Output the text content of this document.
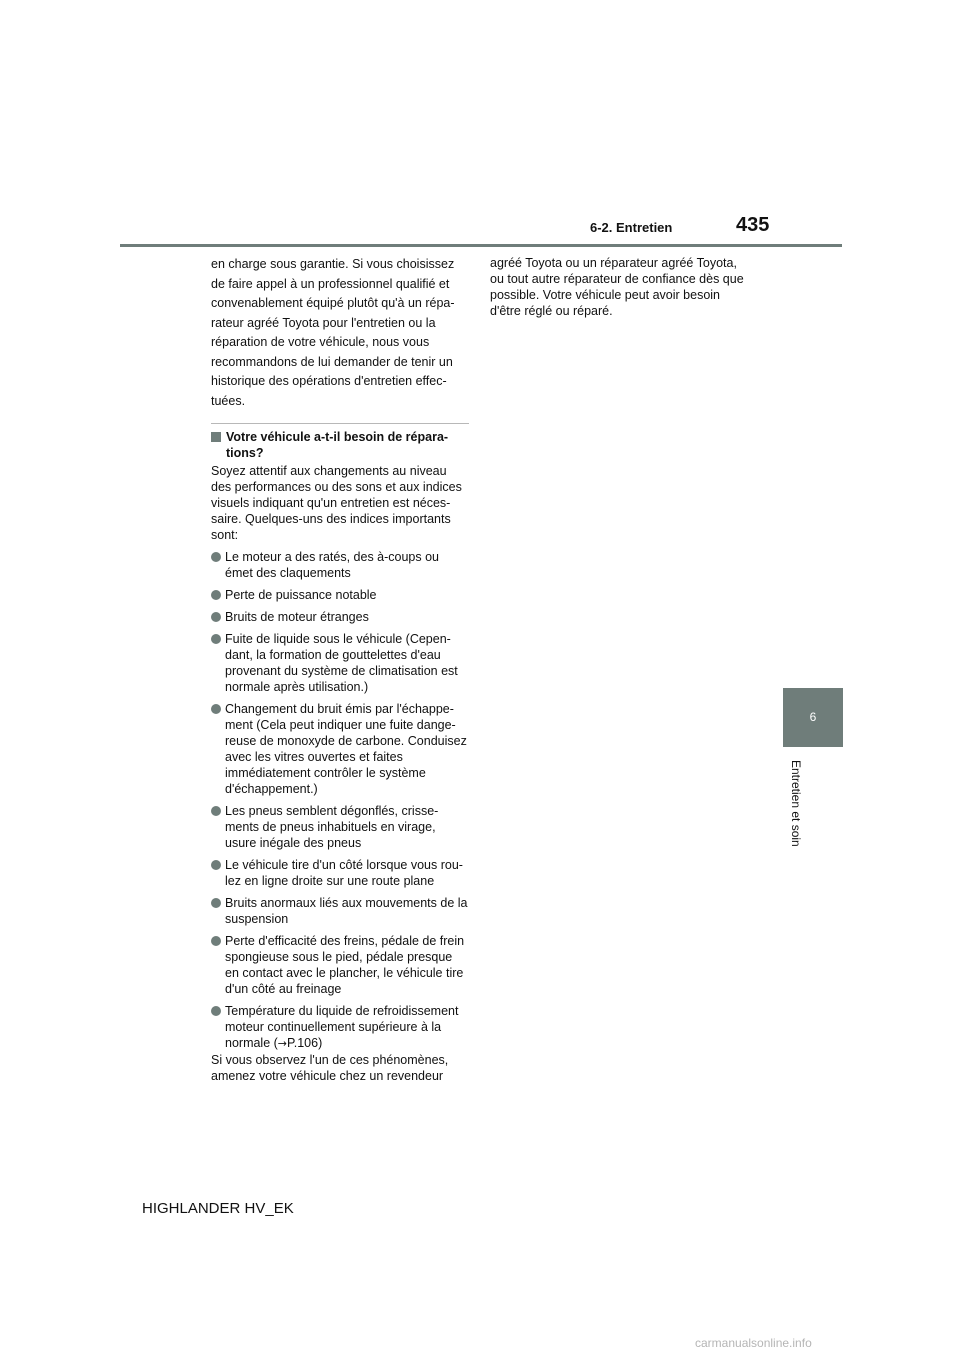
6-2. Entretien	435
6
Entretien et soin

en charge sous garantie. Si vous choisissez

de faire appel à un professionnel qualifié et

convenablement équipé plutôt qu'à un répa-

rateur agréé Toyota pour l'entretien ou la

réparation de votre véhicule, nous vous

recommandons de lui demander de tenir un

historique des opérations d'entretien effec-

tuées.

Votre véhicule a-t-il besoin de répara-tions?

Soyez attentif aux changements au niveau des performances ou des sons et aux indices visuels indiquant qu'un entretien est néces-saire. Quelques-uns des indices importants sont:

Le moteur a des ratés, des à-coups ou émet des claquements
Perte de puissance notable
Bruits de moteur étranges
Fuite de liquide sous le véhicule (Cepen-dant, la formation de gouttelettes d'eau provenant du système de climatisation est normale après utilisation.)
Changement du bruit émis par l'échappe-ment (Cela peut indiquer une fuite dange-reuse de monoxyde de carbone. Conduisez avec les vitres ouvertes et faites immédiatement contrôler le système d'échappement.)
Les pneus semblent dégonflés, crisse-ments de pneus inhabituels en virage, usure inégale des pneus
Le véhicule tire d'un côté lorsque vous rou-lez en ligne droite sur une route plane
Bruits anormaux liés aux mouvements de la suspension
Perte d'efficacité des freins, pédale de frein spongieuse sous le pied, pédale presque en contact avec le plancher, le véhicule tire d'un côté au freinage
Température du liquide de refroidissement moteur continuellement supérieure à la normale (→P.106)

Si vous observez l'un de ces phénomènes, amenez votre véhicule chez un revendeur

agréé Toyota ou un réparateur agréé Toyota, ou tout autre réparateur de confiance dès que possible. Votre véhicule peut avoir besoin d'être réglé ou réparé.

HIGHLANDER HV_EK
carmanualsonline.info
